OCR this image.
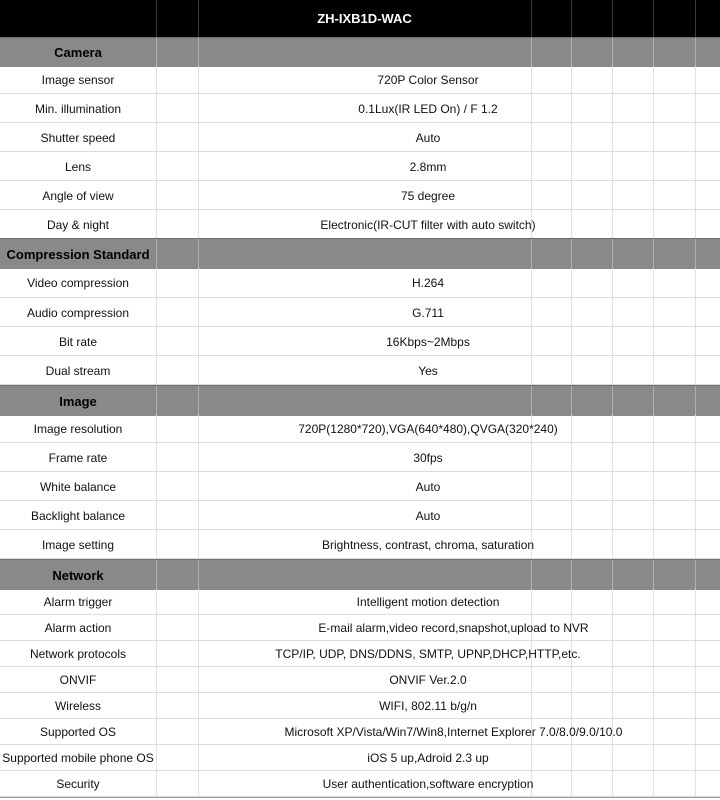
ZH-IXB1D-WAC
Camera
Image sensor	720P Color Sensor
Min. illumination	0.1Lux(IR LED On) / F 1.2
Shutter speed	Auto
Lens	2.8mm
Angle of view	75 degree
Day & night	Electronic(IR-CUT filter with auto switch)
Compression Standard
Video compression	H.264
Audio compression	G.711
Bit rate	16Kbps~2Mbps
Dual stream	Yes
Image
Image resolution	720P(1280*720),VGA(640*480),QVGA(320*240)
Frame rate	30fps
White balance	Auto
Backlight balance	Auto
Image setting	Brightness, contrast, chroma, saturation
Network
Alarm trigger	Intelligent motion detection
Alarm action	E-mail alarm,video record,snapshot,upload to NVR
Network protocols	TCP/IP, UDP, DNS/DDNS, SMTP, UPNP,DHCP,HTTP,etc.
ONVIF	ONVIF Ver.2.0
Wireless	WIFI, 802.11 b/g/n
Supported OS	Microsoft XP/Vista/Win7/Win8,Internet Explorer 7.0/8.0/9.0/10.0
Supported mobile phone OS	iOS 5 up,Adroid 2.3 up
Security	User authentication,software encryption
